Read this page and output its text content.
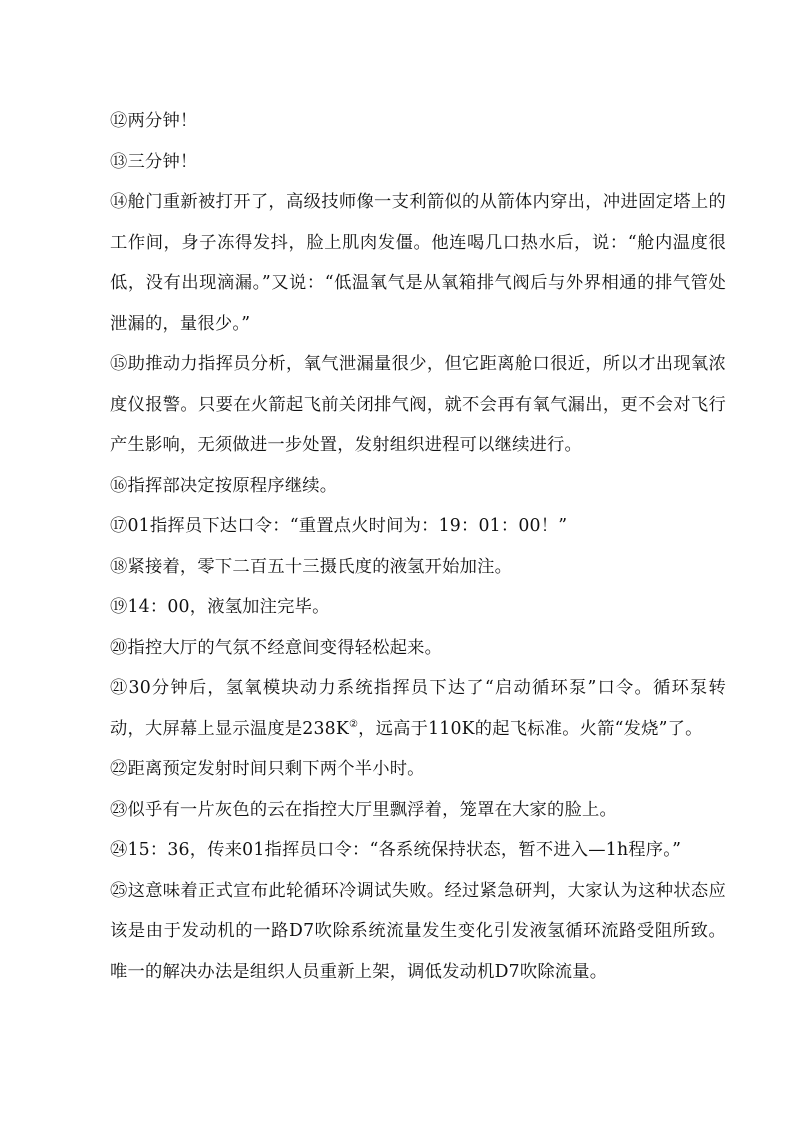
⑫两分钟！

⑬三分钟！

⑭舱门重新被打开了，高级技师像一支利箭似的从箭体内穿出，冲进固定塔上的工作间，身子冻得发抖，脸上肌肉发僵。他连喝几口热水后，说：“舱内温度很低，没有出现滴漏。”又说：“低温氧气是从氧箱排气阀后与外界相通的排气管处泄漏的，量很少。”

⑮助推动力指挥员分析，氧气泄漏量很少，但它距离舱口很近，所以才出现氧浓度仪报警。只要在火箭起飞前关闭排气阀，就不会再有氧气漏出，更不会对飞行产生影响，无须做进一步处置，发射组织进程可以继续进行。

⑯指挥部决定按原程序继续。

⑰01指挥员下达口令：“重置点火时间为：19：01：00！”

⑱紧接着，零下二百五十三摄氏度的液氢开始加注。

⑲14：00，液氢加注完毕。

⑳指控大厅的气氛不经意间变得轻松起来。

㉑30分钟后，氢氧模块动力系统指挥员下达了“启动循环泵”口令。循环泵转动，大屏幕上显示温度是238K②，远高于110K的起飞标准。火箭“发烧”了。

㉒距离预定发射时间只剩下两个半小时。

㉓似乎有一片灰色的云在指控大厅里飘浮着，笼罩在大家的脸上。

㉔15：36，传来01指挥员口令：“各系统保持状态，暂不进入—1h程序。”

㉕这意味着正式宣布此轮循环冷调试失败。经过紧急研判，大家认为这种状态应该是由于发动机的一路D7吹除系统流量发生变化引发液氢循环流路受阻所致。唯一的解决办法是组织人员重新上架，调低发动机D7吹除流量。
